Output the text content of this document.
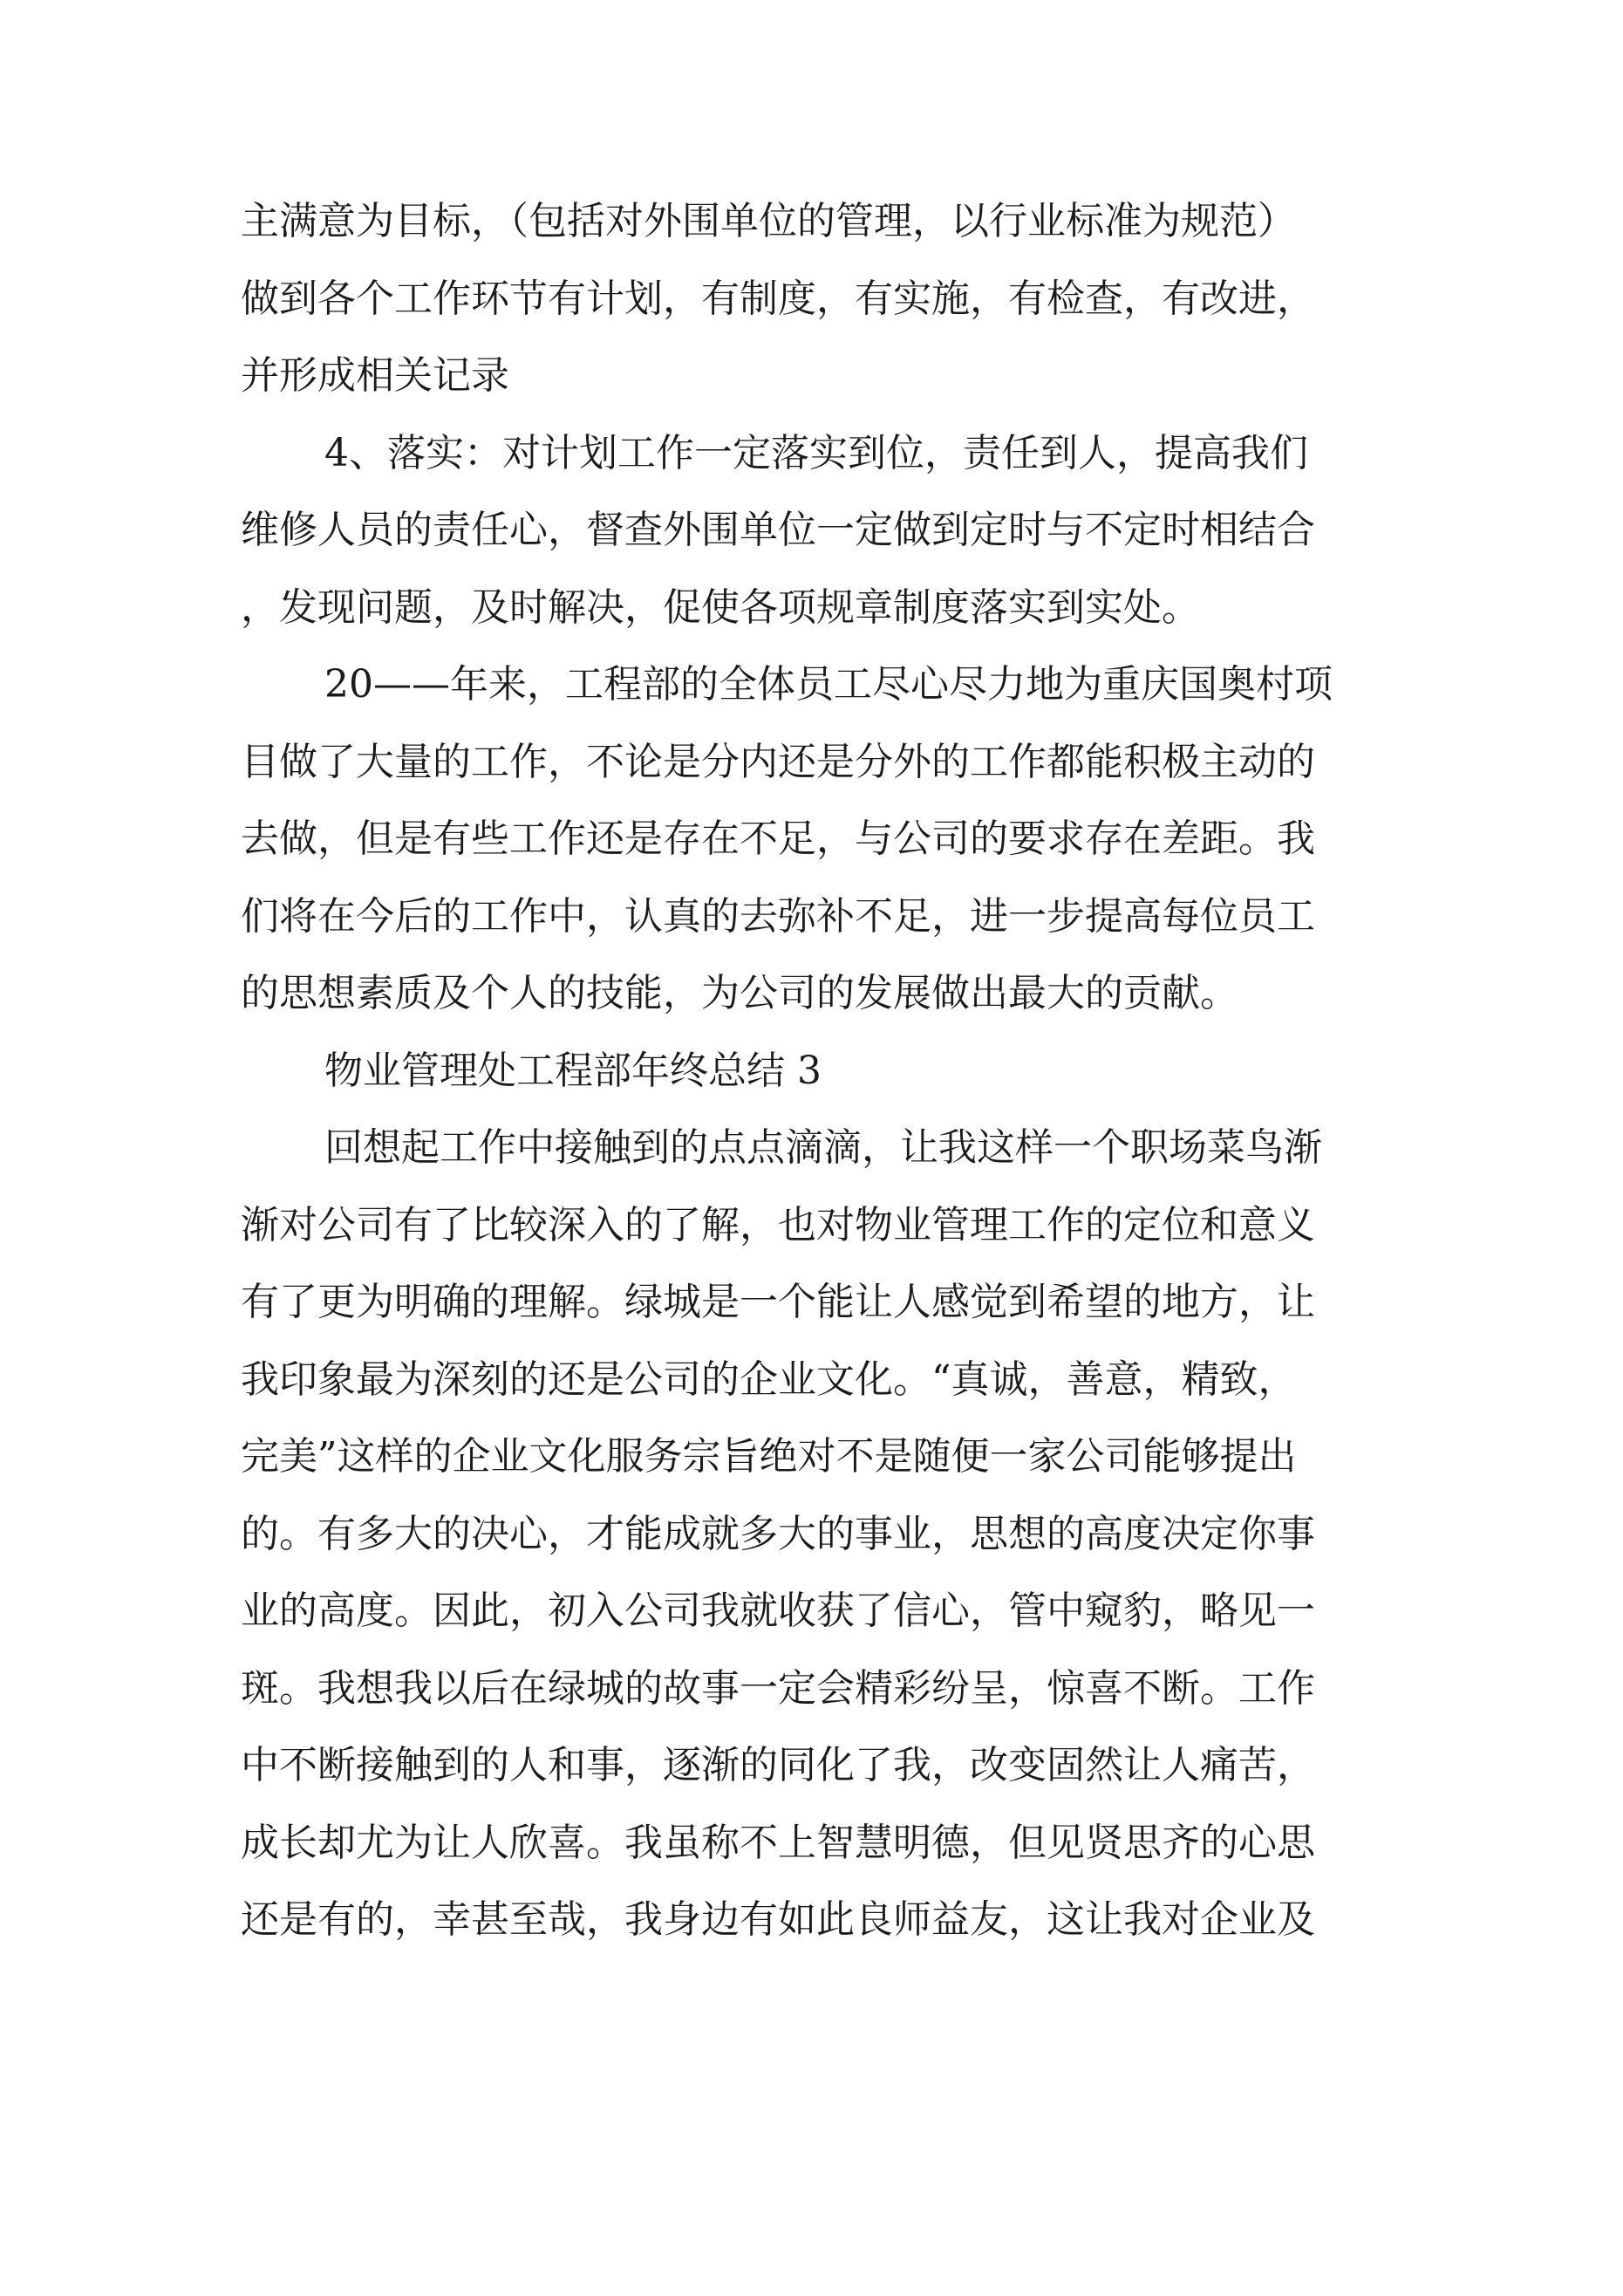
主满意为目标，（包括对外围单位的管理，以行业标准为规范）
做到各个工作环节有计划，有制度，有实施，有检查，有改进，
并形成相关记录
4、落实：对计划工作一定落实到位，责任到人，提高我们
维修人员的责任心，督查外围单位一定做到定时与不定时相结合
，发现问题，及时解决，促使各项规章制度落实到实处。
20——年来，工程部的全体员工尽心尽力地为重庆国奥村项
目做了大量的工作，不论是分内还是分外的工作都能积极主动的
去做，但是有些工作还是存在不足，与公司的要求存在差距。我
们将在今后的工作中，认真的去弥补不足，进一步提高每位员工
的思想素质及个人的技能，为公司的发展做出最大的贡献。
物业管理处工程部年终总结 3
回想起工作中接触到的点点滴滴，让我这样一个职场菜鸟渐
渐对公司有了比较深入的了解，也对物业管理工作的定位和意义
有了更为明确的理解。绿城是一个能让人感觉到希望的地方，让
我印象最为深刻的还是公司的企业文化。“真诚，善意，精致，
完美”这样的企业文化服务宗旨绝对不是随便一家公司能够提出
的。有多大的决心，才能成就多大的事业，思想的高度决定你事
业的高度。因此，初入公司我就收获了信心，管中窥豹，略见一
斑。我想我以后在绿城的故事一定会精彩纷呈，惊喜不断。工作
中不断接触到的人和事，逐渐的同化了我，改变固然让人痛苦，
成长却尤为让人欣喜。我虽称不上智慧明德，但见贤思齐的心思
还是有的，幸甚至哉，我身边有如此良师益友，这让我对企业及
